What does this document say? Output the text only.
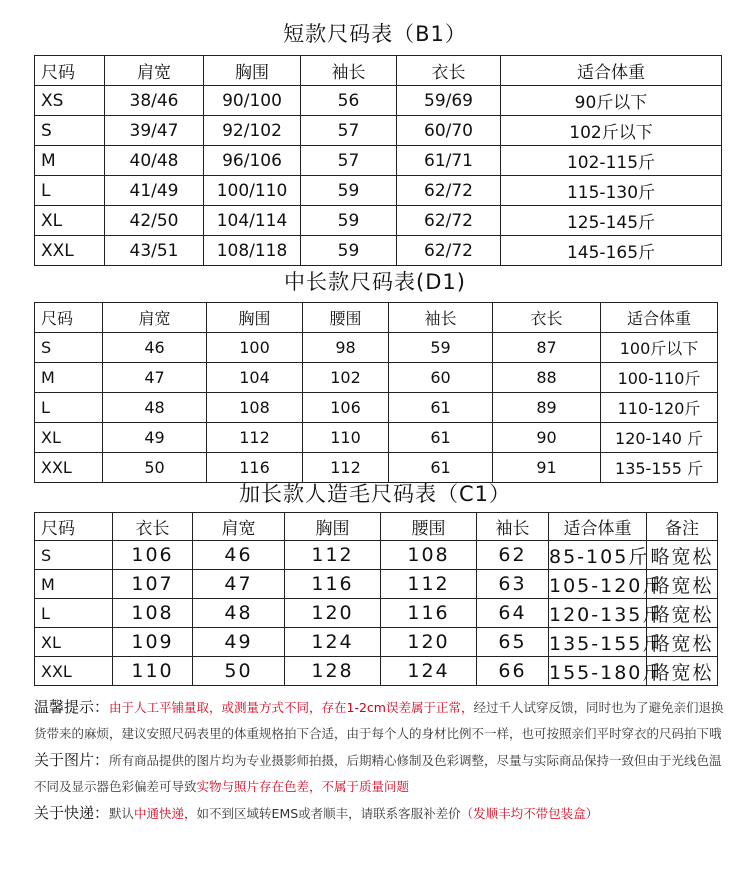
短款尺码表（B1）
尺码	肩宽	胸围	袖长	衣长	适合体重
XS	38/46	90/100	56	59/69	90斤以下
S	39/47	92/102	57	60/70	102斤以下
M	40/48	96/106	57	61/71	102-115斤
L	41/49	100/110	59	62/72	115-130斤
XL	42/50	104/114	59	62/72	125-145斤
XXL	43/51	108/118	59	62/72	145-165斤
中长款尺码表(D1)
尺码	肩宽	胸围	腰围	袖长	衣长	适合体重
S	46	100	98	59	87	100斤以下
M	47	104	102	60	88	100-110斤
L	48	108	106	61	89	110-120斤
XL	49	112	110	61	90	120-140 斤
XXL	50	116	112	61	91	135-155 斤
加长款人造毛尺码表（C1）
尺码	衣长	肩宽	胸围	腰围	袖长	适合体重	备注
S	106	46	112	108	62	85-105斤	略宽松
M	107	47	116	112	63	105-120斤	略宽松
L	108	48	120	116	64	120-135斤	略宽松
XL	109	49	124	120	65	135-155斤	略宽松
XXL	110	50	128	124	66	155-180斤	略宽松

温馨提示：由于人工平铺量取，或测量方式不同，存在1-2cm误差属于正常，经过千人试穿反馈，同时也为了避免亲们退换货带来的麻烦，建议安照尺码表里的体重规格拍下合适，由于每个人的身材比例不一样，也可按照亲们平时穿衣的尺码拍下哦

关于图片：所有商品提供的图片均为专业摄影师拍摄，后期精心修制及色彩调整，尽量与实际商品保持一致但由于光线色温不同及显示器色彩偏差可导致实物与照片存在色差，不属于质量问题

关于快递：默认中通快递，如不到区域转EMS或者顺丰，请联系客服补差价（发顺丰均不带包装盒）
